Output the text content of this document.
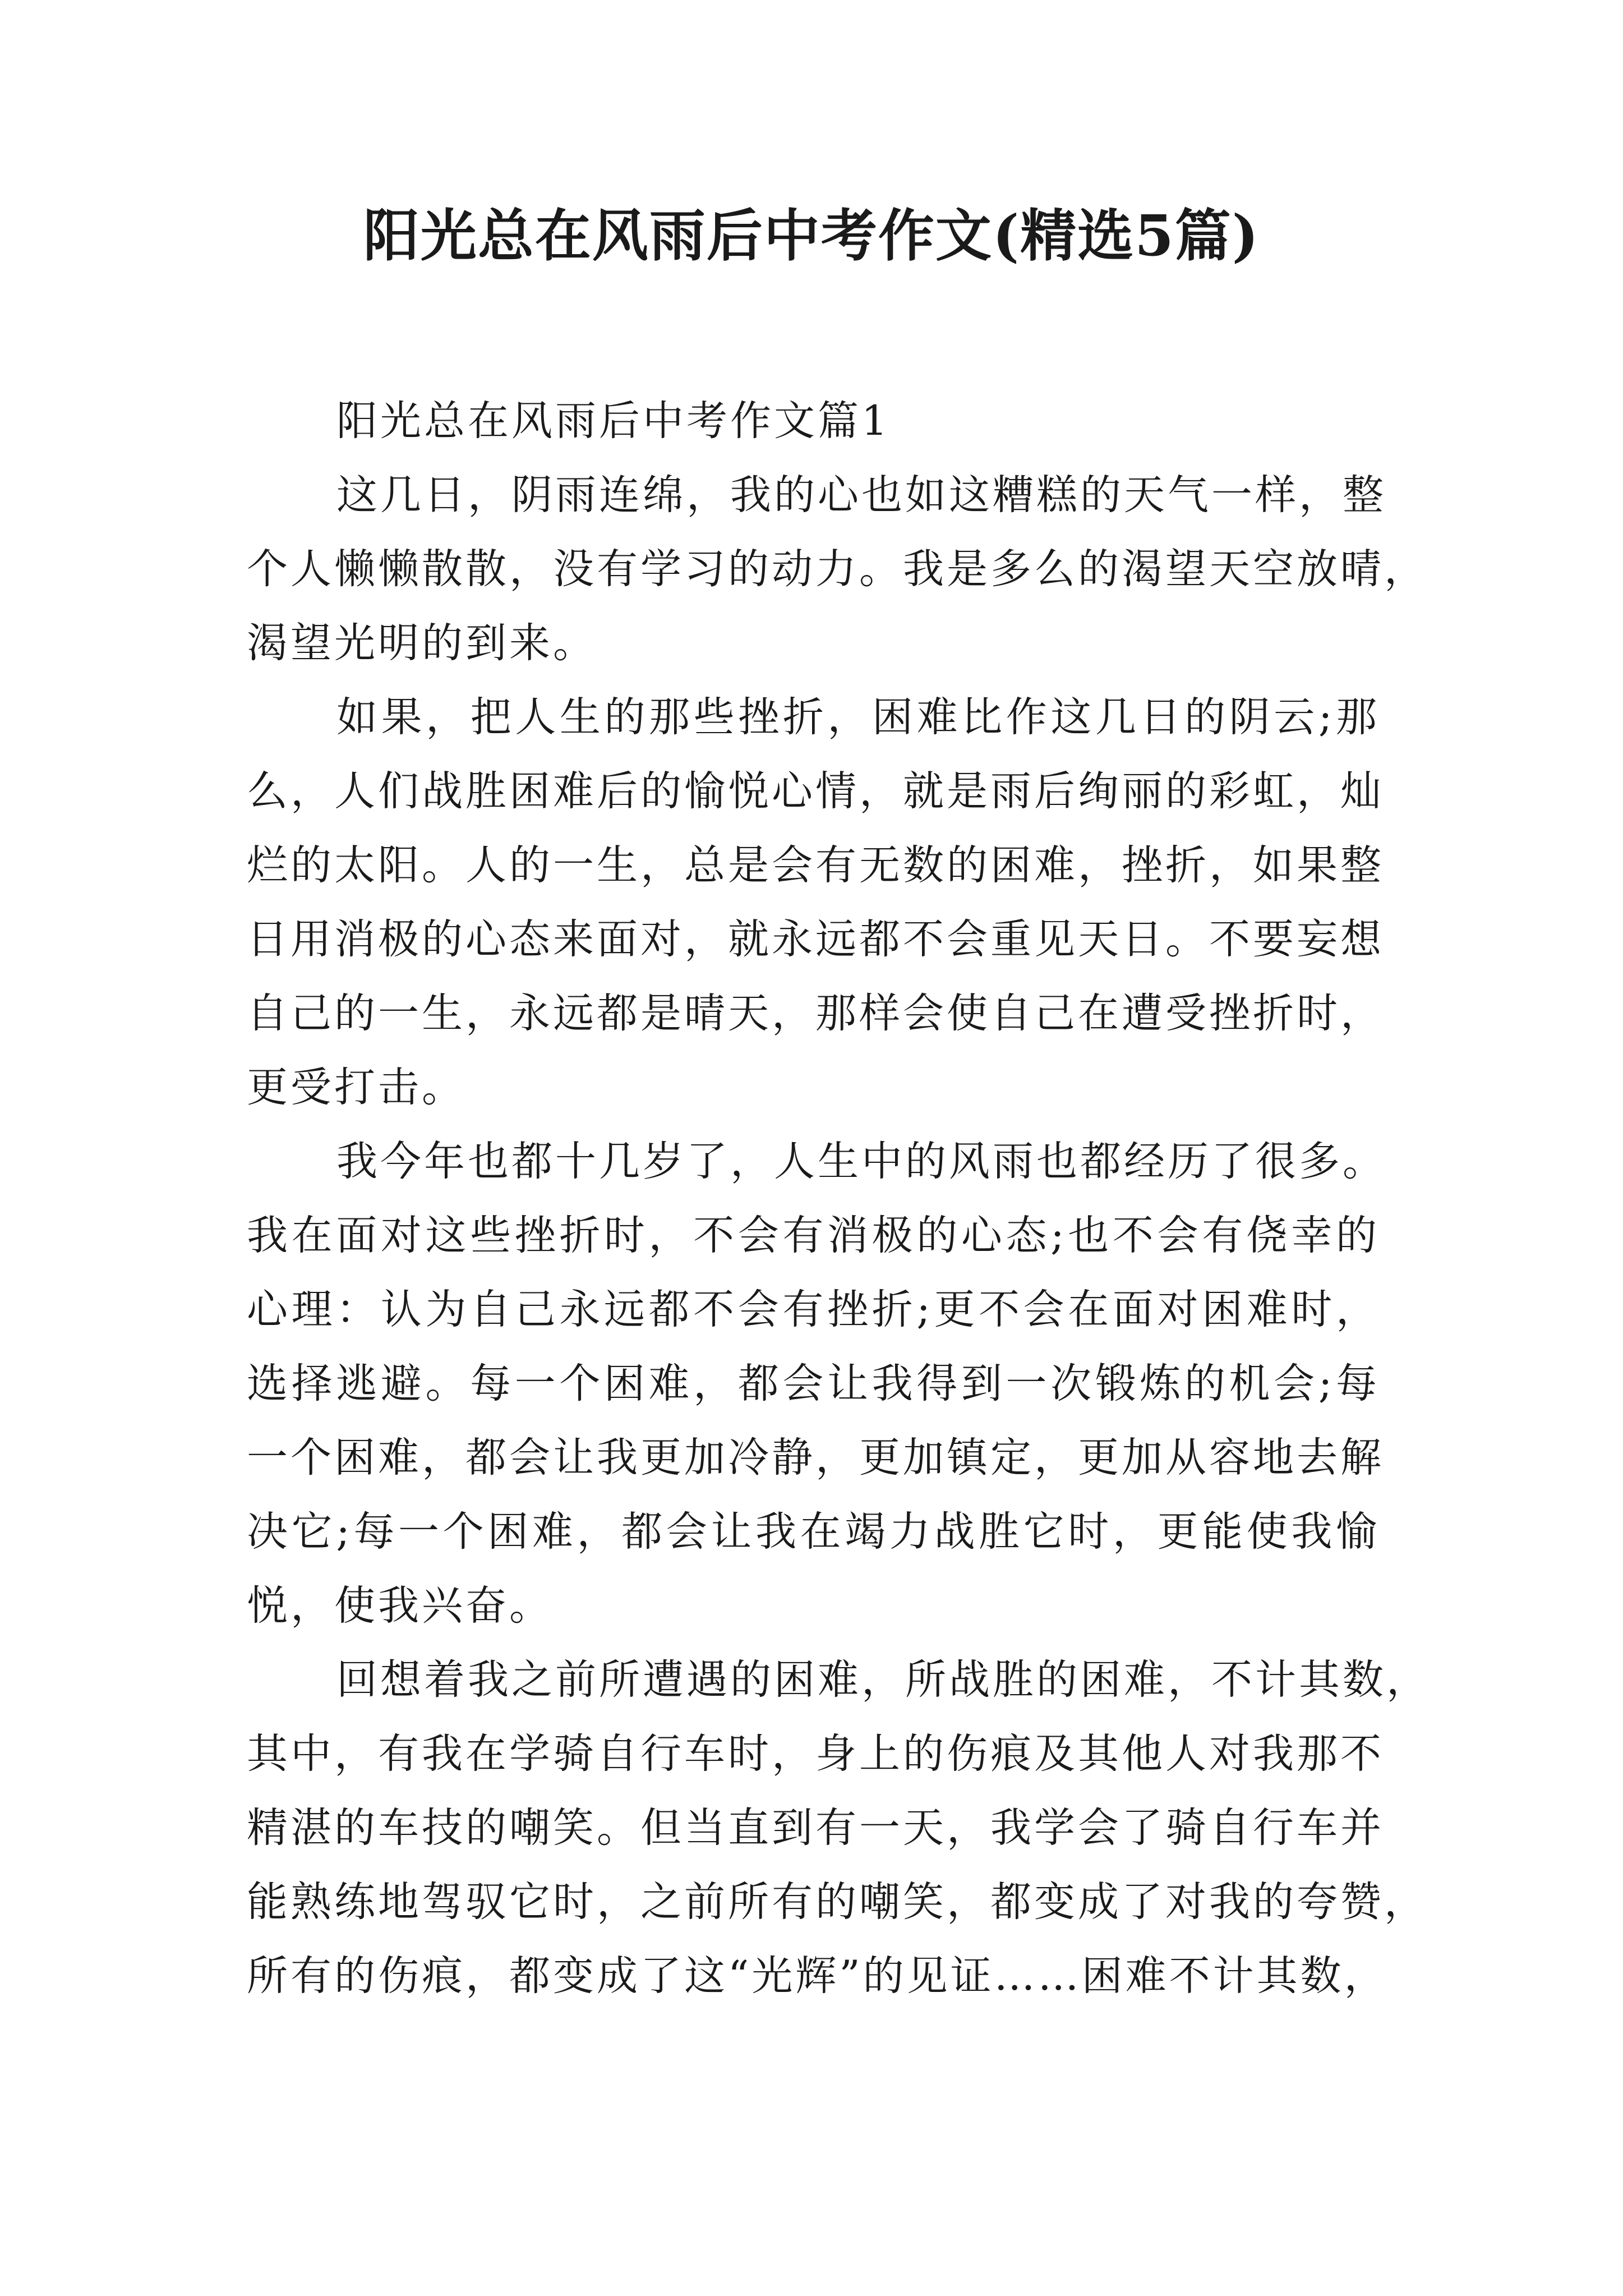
阳光总在风雨后中考作文(精选5篇)
阳光总在风雨后中考作文篇1
这几日，阴雨连绵，我的心也如这糟糕的天气一样，整
个人懒懒散散，没有学习的动力。我是多么的渴望天空放晴，
渴望光明的到来。
如果，把人生的那些挫折，困难比作这几日的阴云;那
么，人们战胜困难后的愉悦心情，就是雨后绚丽的彩虹，灿
烂的太阳。人的一生，总是会有无数的困难，挫折，如果整
日用消极的心态来面对，就永远都不会重见天日。不要妄想
自己的一生，永远都是晴天，那样会使自己在遭受挫折时，
更受打击。
我今年也都十几岁了，人生中的风雨也都经历了很多。
我在面对这些挫折时，不会有消极的心态;也不会有侥幸的
心理：认为自己永远都不会有挫折;更不会在面对困难时，
选择逃避。每一个困难，都会让我得到一次锻炼的机会;每
一个困难，都会让我更加冷静，更加镇定，更加从容地去解
决它;每一个困难，都会让我在竭力战胜它时，更能使我愉
悦，使我兴奋。
回想着我之前所遭遇的困难，所战胜的困难，不计其数，
其中，有我在学骑自行车时，身上的伤痕及其他人对我那不
精湛的车技的嘲笑。但当直到有一天，我学会了骑自行车并
能熟练地驾驭它时，之前所有的嘲笑，都变成了对我的夸赞，
所有的伤痕，都变成了这“光辉”的见证……困难不计其数，
